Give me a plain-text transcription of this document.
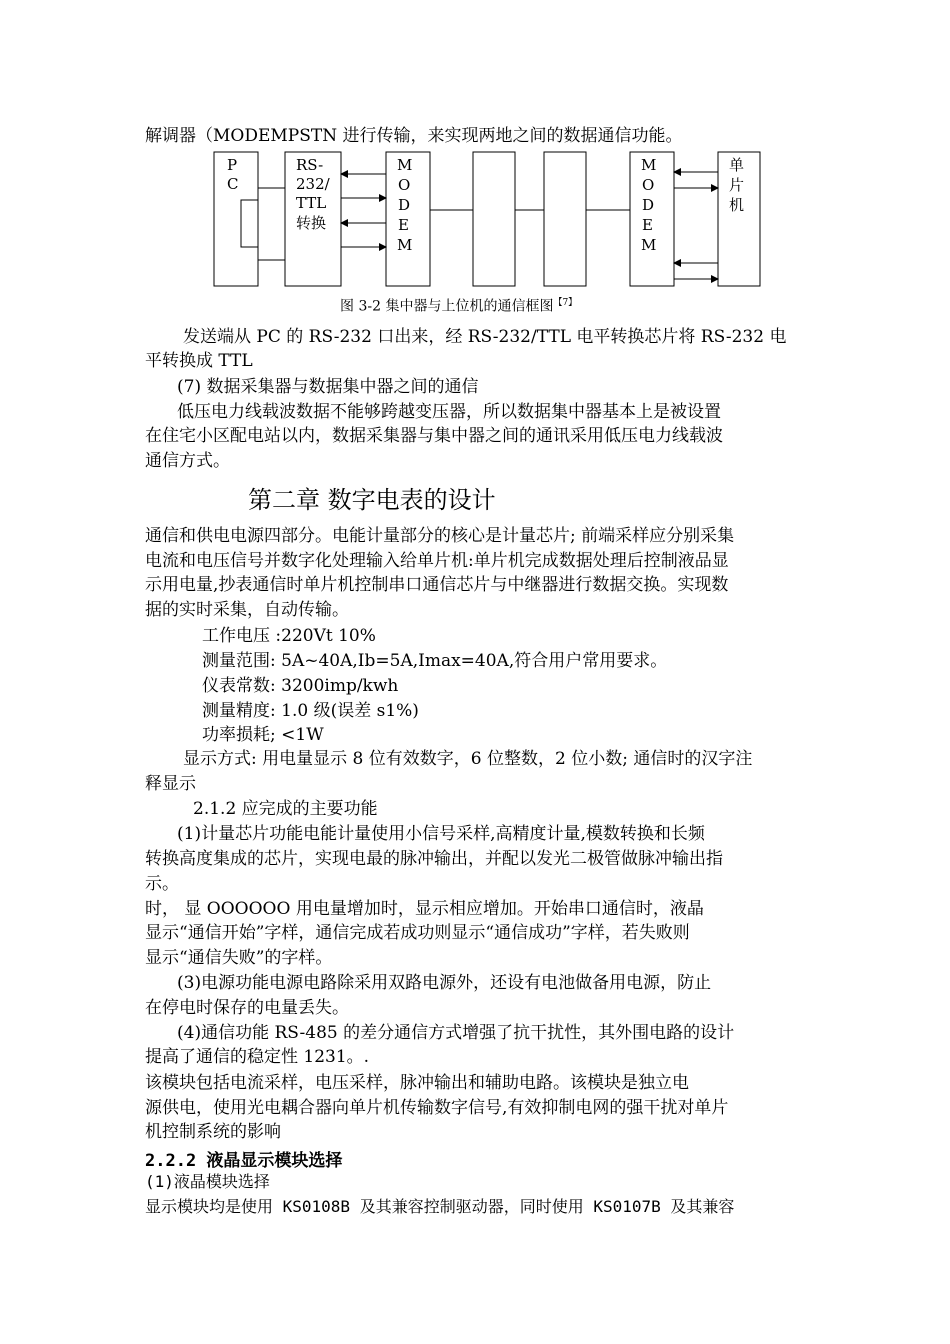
解调器（MODEMPSTN 进行传输，来实现两地之间的数据通信功能。
P
C
RS-
232/
TTL
转换
M
O
D
E
M
M
O
D
E
M
单
片
机
图 3-2 集中器与上位机的通信框图$^{【7】}$
发送端从 PC 的 RS-232 口出来，经 RS-232/TTL 电平转换芯片将 RS-232 电
平转换成 TTL
(7) 数据采集器与数据集中器之间的通信
低压电力线载波数据不能够跨越变压器，所以数据集中器基本上是被设置
在住宅小区配电站以内，数据采集器与集中器之间的通讯采用低压电力线载波
通信方式。
第二章 数字电表的设计
通信和供电电源四部分。电能计量部分的核心是计量芯片; 前端采样应分别采集
电流和电压信号并数字化处理输入给单片机:单片机完成数据处理后控制液品显
示用电量,抄表通信时单片机控制串口通信芯片与中继器进行数据交换。实现数
据的实时采集，自动传输。
工作电压 :220Vt 10%
测量范围: 5A~40A,Ib=5A,Imax=40A,符合用户常用要求。
仪表常数: 3200imp/kwh
测量精度: 1.0 级(误差 s1%)
功率损耗; <1W
显示方式: 用电量显示 8 位有效数字，6 位整数，2 位小数; 通信时的汉字注
释显示
2.1.2 应完成的主要功能
(1)计量芯片功能电能计量使用小信号采样,高精度计量,模数转换和长频
转换高度集成的芯片，实现电最的脉冲输出，并配以发光二极管做脉冲输出指
示。
时， 显 OOOOOO 用电量增加时，显示相应增加。开始串口通信时，液晶
显示“通信开始”字样，通信完成若成功则显示“通信成功”字样，若失败则
显示“通信失败”的字样。
(3)电源功能电源电路除采用双路电源外，还设有电池做备用电源，防止
在停电时保存的电量丢失。
(4)通信功能 RS-485 的差分通信方式增强了抗干扰性，其外围电路的设计
提高了通信的稳定性 1231。.
该模块包括电流采样，电压采样，脉冲输出和辅助电路。该模块是独立电
源供电，使用光电耦合器向单片机传输数字信号,有效抑制电网的强干扰对单片
机控制系统的影响
2.2.2 液晶显示模块选择
(1)液晶模块选择
显示模块均是使用 KS0108B 及其兼容控制驱动器，同时使用 KS0107B 及其兼容
